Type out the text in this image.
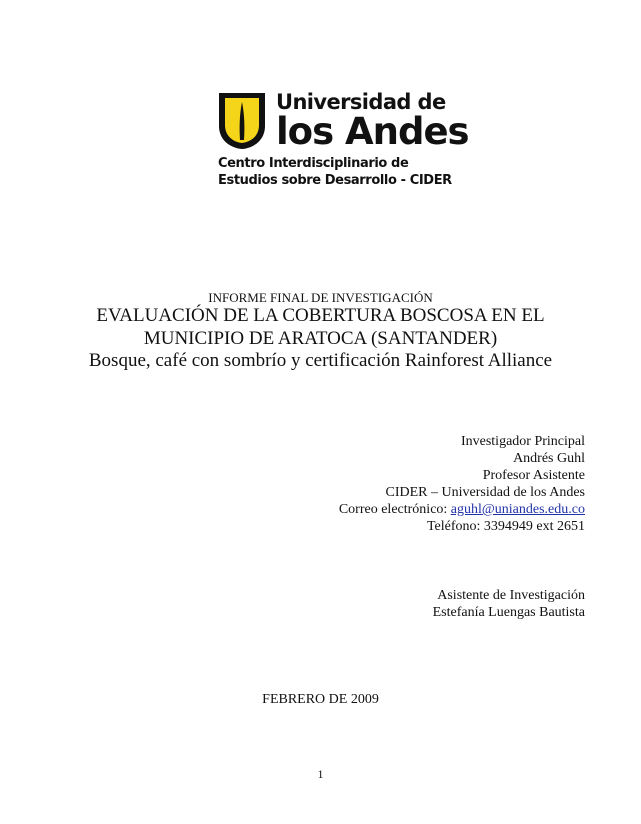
Universidad de
los Andes
Centro Interdisciplinario de
Estudios sobre Desarrollo - CIDER
INFORME FINAL DE INVESTIGACIÓN
EVALUACIÓN DE LA COBERTURA BOSCOSA EN EL
MUNICIPIO DE ARATOCA (SANTANDER)
Bosque, café con sombrío y certificación Rainforest Alliance
Investigador Principal
Andrés Guhl
Profesor Asistente
CIDER – Universidad de los Andes
Correo electrónico: aguhl@uniandes.edu.co
Teléfono: 3394949 ext 2651
Asistente de Investigación
Estefanía Luengas Bautista
FEBRERO DE 2009
1
